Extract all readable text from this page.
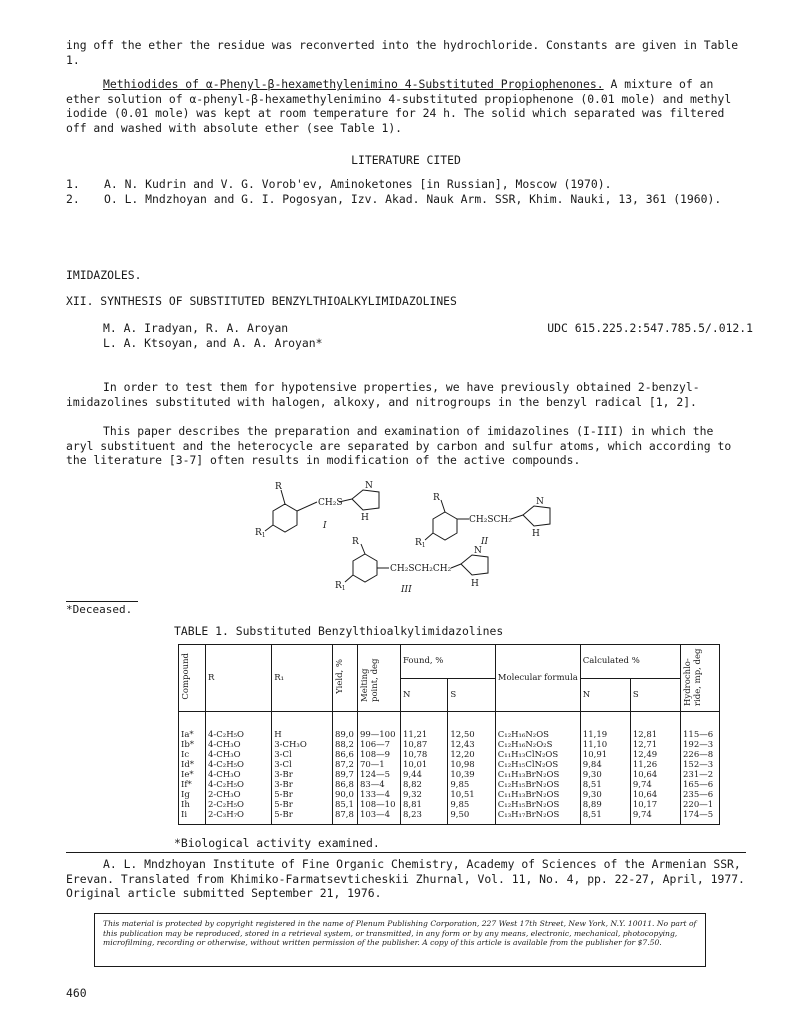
ing off the ether the residue was reconverted into the hydrochloride. Constants are given in Table 1.

Methiodides of α-Phenyl-β-hexamethylenimino 4-Substituted Propiophenones. A mixture of an ether solution of α-phenyl-β-hexamethylenimino 4-substituted propiophenone (0.01 mole) and methyl iodide (0.01 mole) was kept at room temperature for 24 h. The solid which separated was filtered off and washed with absolute ether (see Table 1).

LITERATURE CITED
1.	A. N. Kudrin and V. G. Vorob'ev, Aminoketones [in Russian], Moscow (1970).
2.	O. L. Mndzhoyan and G. I. Pogosyan, Izv. Akad. Nauk Arm. SSR, Khim. Nauki, 13, 361 (1960).
IMIDAZOLES.
XII. SYNTHESIS OF SUBSTITUTED BENZYLTHIOALKYLIMIDAZOLINES
M. A. Iradyan, R. A. Aroyan	UDC 615.225.2:547.785.5/.012.1
L. A. Ktsoyan, and A. A. Aroyan*

In order to test them for hypotensive properties, we have previously obtained 2-benzyl-imidazolines substituted with halogen, alkoxy, and nitrogroups in the benzyl radical [1, 2].

This paper describes the preparation and examination of imidazolines (I-III) in which the aryl substituent and the heterocycle are separated by carbon and sulfur atoms, which according to the literature [3-7] often results in modification of the active compounds.

R
$R_1$
CH₂S
N
H
I
R
$R_1$
CH₂SCH₂
N
H
II
R
$R_1$
CH₂SCH₂CH₂
N
H
III
*Deceased.
TABLE 1. Substituted Benzylthioalkylimidazolines
Compound	R	R₁	Yield, %	Melting point, deg	Found, %		Molecular formula	Calculated %		Hydrochlo- ride, mp, deg
					N	S		N	S	
Ia*	4-C₂H₅O	H	89,0	99—100	11,21	12,50	C₁₂H₁₆N₂OS	11,19	12,81	115—6
Ib*	4-CH₃O	3-CH₃O	88,2	106—7	10,87	12,43	C₁₂H₁₆N₂O₂S	11,10	12,71	192—3
Ic	4-CH₃O	3-Cl	86,6	108—9	10,78	12,20	C₁₁H₁₃ClN₂OS	10,91	12,49	226—8
Id*	4-C₂H₅O	3-Cl	87,2	70—1	10,01	10,98	C₁₂H₁₅ClN₂OS	9,84	11,26	152—3
Ie*	4-CH₃O	3-Br	89,7	124—5	9,44	10,39	C₁₁H₁₃BrN₂OS	9,30	10,64	231—2
If*	4-C₂H₅O	3-Br	86,8	83—4	8,82	9,85	C₁₂H₁₅BrN₂OS	8,51	9,74	165—6
Ig	2-CH₃O	5-Br	90,0	133—4	9,32	10,51	C₁₁H₁₃BrN₂OS	9,30	10,64	235—6
Ih	2-C₂H₅O	5-Br	85,1	108—10	8,81	9,85	C₁₂H₁₅BrN₂OS	8,89	10,17	220—1
Ii	2-C₃H₇O	5-Br	87,8	103—4	8,23	9,50	C₁₃H₁₇BrN₂OS	8,51	9,74	174—5
*Biological activity examined.

A. L. Mndzhoyan Institute of Fine Organic Chemistry, Academy of Sciences of the Armenian SSR, Erevan. Translated from Khimiko-Farmatsevticheskii Zhurnal, Vol. 11, No. 4, pp. 22-27, April, 1977. Original article submitted September 21, 1976.

This material is protected by copyright registered in the name of Plenum Publishing Corporation, 227 West 17th Street, New York, N.Y. 10011. No part of this publication may be reproduced, stored in a retrieval system, or transmitted, in any form or by any means, electronic, mechanical, photocopying, microfilming, recording or otherwise, without written permission of the publisher. A copy of this article is available from the publisher for $7.50.
460
